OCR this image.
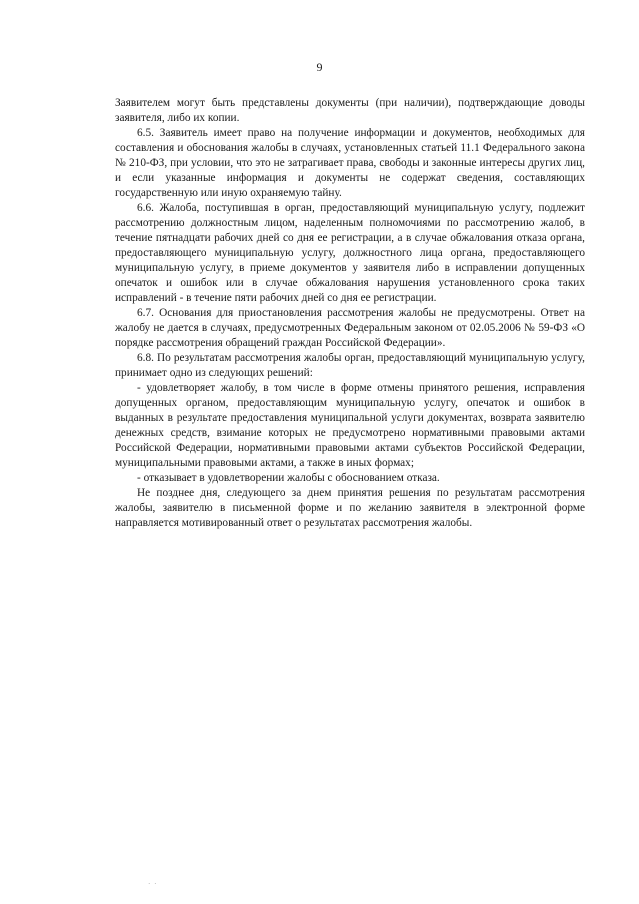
9

Заявителем могут быть представлены документы (при наличии), подтверждающие доводы заявителя, либо их копии.

6.5. Заявитель имеет право на получение информации и документов, необходимых для составления и обоснования жалобы в случаях, установленных статьей 11.1 Федерального закона № 210-ФЗ, при условии, что это не затрагивает права, свободы и законные интересы других лиц, и если указанные информация и документы не содержат сведения, составляющих государственную или иную охраняемую тайну.

6.6. Жалоба, поступившая в орган, предоставляющий муниципальную услугу, подлежит рассмотрению должностным лицом, наделенным полномочиями по рассмотрению жалоб, в течение пятнадцати рабочих дней со дня ее регистрации, а в случае обжалования отказа органа, предоставляющего муниципальную услугу, должностного лица органа, предоставляющего муниципальную услугу, в приеме документов у заявителя либо в исправлении допущенных опечаток и ошибок или в случае обжалования нарушения установленного срока таких исправлений - в течение пяти рабочих дней со дня ее регистрации.

6.7. Основания для приостановления рассмотрения жалобы не предусмотрены. Ответ на жалобу не дается в случаях, предусмотренных Федеральным законом от 02.05.2006 № 59-ФЗ «О порядке рассмотрения обращений граждан Российской Федерации».

6.8. По результатам рассмотрения жалобы орган, предоставляющий муниципальную услугу, принимает одно из следующих решений:

- удовлетворяет жалобу, в том числе в форме отмены принятого решения, исправления допущенных органом, предоставляющим муниципальную услугу, опечаток и ошибок в выданных в результате предоставления муниципальной услуги документах, возврата заявителю денежных средств, взимание которых не предусмотрено нормативными правовыми актами Российской Федерации, нормативными правовыми актами субъектов Российской Федерации, муниципальными правовыми актами, а также в иных формах;

- отказывает в удовлетворении жалобы с обоснованием отказа.

Не позднее дня, следующего за днем принятия решения по результатам рассмотрения жалобы, заявителю в письменной форме и по желанию заявителя в электронной форме направляется мотивированный ответ о результатах рассмотрения жалобы.

· ·
